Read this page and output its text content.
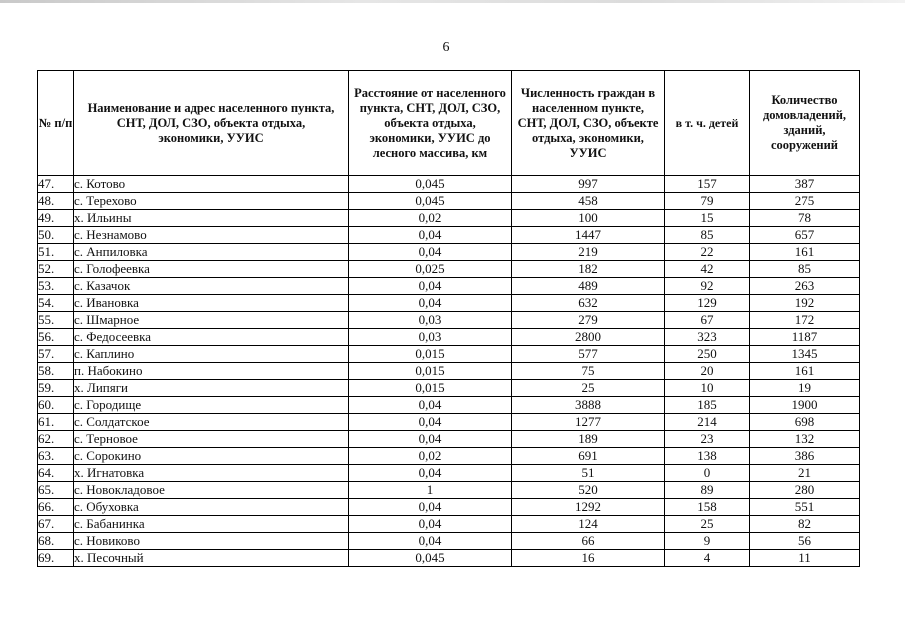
6
№ п/п	Наименование и адрес населенного пункта, СНТ, ДОЛ, СЗО, объекта отдыха, экономики, УУИС	Расстояние от населенного пункта, СНТ, ДОЛ, СЗО, объекта отдыха, экономики, УУИС до лесного массива, км	Численность граждан в населенном пункте, СНТ, ДОЛ, СЗО, объекте отдыха, экономики, УУИС	в т. ч. детей	Количество домовладений, зданий, сооружений
47.	с. Котово	0,045	997	157	387
48.	с. Терехово	0,045	458	79	275
49.	х. Ильины	0,02	100	15	78
50.	с. Незнамово	0,04	1447	85	657
51.	с. Анпиловка	0,04	219	22	161
52.	с. Голофеевка	0,025	182	42	85
53.	с. Казачок	0,04	489	92	263
54.	с. Ивановка	0,04	632	129	192
55.	с. Шмарное	0,03	279	67	172
56.	с. Федосеевка	0,03	2800	323	1187
57.	с. Каплино	0,015	577	250	1345
58.	п. Набокино	0,015	75	20	161
59.	х. Липяги	0,015	25	10	19
60.	с. Городище	0,04	3888	185	1900
61.	с. Солдатское	0,04	1277	214	698
62.	с. Терновое	0,04	189	23	132
63.	с. Сорокино	0,02	691	138	386
64.	х. Игнатовка	0,04	51	0	21
65.	с. Новокладовое	1	520	89	280
66.	с. Обуховка	0,04	1292	158	551
67.	с. Бабанинка	0,04	124	25	82
68.	с. Новиково	0,04	66	9	56
69.	х. Песочный	0,045	16	4	11
